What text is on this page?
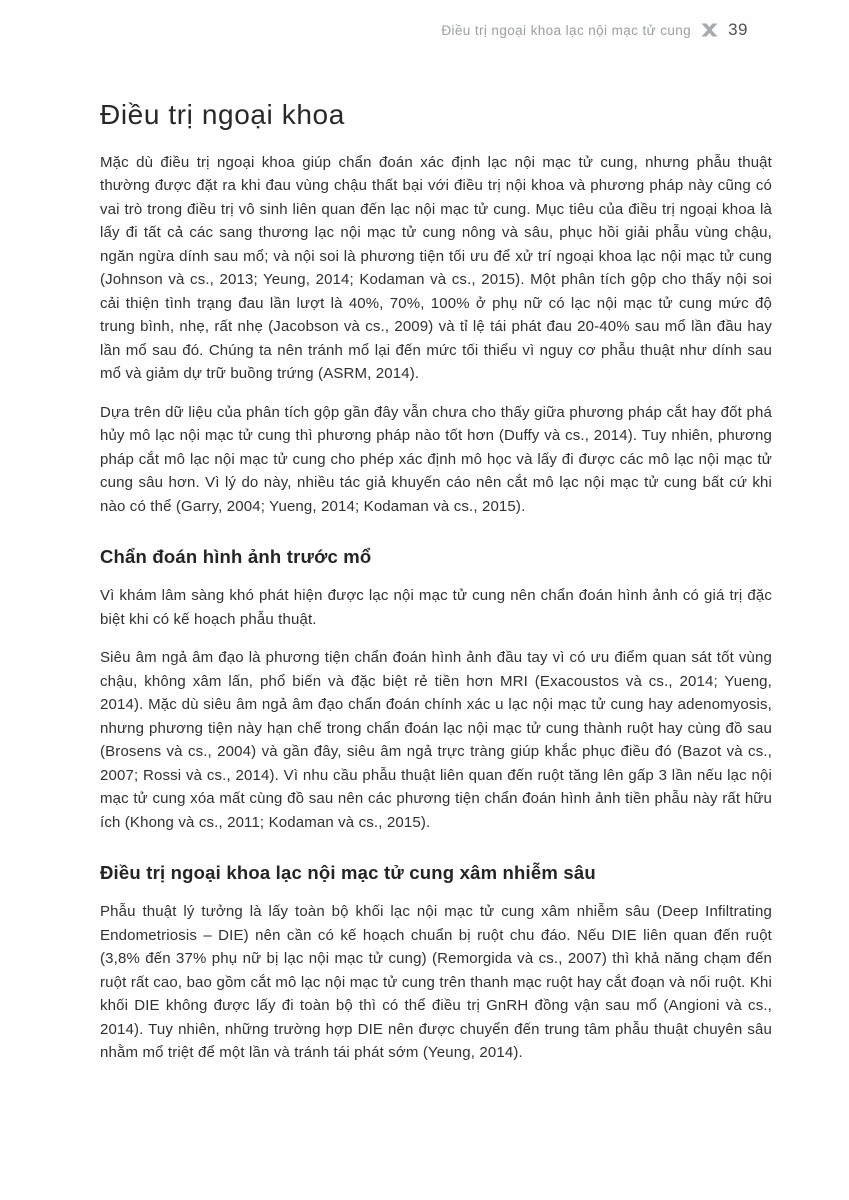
Điều trị ngoại khoa lạc nội mạc tử cung 39
Điều trị ngoại khoa

Mặc dù điều trị ngoại khoa giúp chẩn đoán xác định lạc nội mạc tử cung, nhưng phẫu thuật thường được đặt ra khi đau vùng chậu thất bại với điều trị nội khoa và phương pháp này cũng có vai trò trong điều trị vô sinh liên quan đến lạc nội mạc tử cung. Mục tiêu của điều trị ngoại khoa là lấy đi tất cả các sang thương lạc nội mạc tử cung nông và sâu, phục hồi giải phẫu vùng chậu, ngăn ngừa dính sau mổ; và nội soi là phương tiện tối ưu để xử trí ngoại khoa lạc nội mạc tử cung (Johnson và cs., 2013; Yeung, 2014; Kodaman và cs., 2015). Một phân tích gộp cho thấy nội soi cải thiện tình trạng đau lần lượt là 40%, 70%, 100% ở phụ nữ có lạc nội mạc tử cung mức độ trung bình, nhẹ, rất nhẹ (Jacobson và cs., 2009) và tỉ lệ tái phát đau 20-40% sau mổ lần đầu hay lần mổ sau đó. Chúng ta nên tránh mổ lại đến mức tối thiểu vì nguy cơ phẫu thuật như dính sau mổ và giảm dự trữ buồng trứng (ASRM, 2014).

Dựa trên dữ liệu của phân tích gộp gần đây vẫn chưa cho thấy giữa phương pháp cắt hay đốt phá hủy mô lạc nội mạc tử cung thì phương pháp nào tốt hơn (Duffy và cs., 2014). Tuy nhiên, phương pháp cắt mô lạc nội mạc tử cung cho phép xác định mô học và lấy đi được các mô lạc nội mạc tử cung sâu hơn. Vì lý do này, nhiều tác giả khuyến cáo nên cắt mô lạc nội mạc tử cung bất cứ khi nào có thể (Garry, 2004; Yueng, 2014; Kodaman và cs., 2015).

Chẩn đoán hình ảnh trước mổ

Vì khám lâm sàng khó phát hiện được lạc nội mạc tử cung nên chẩn đoán hình ảnh có giá trị đặc biệt khi có kế hoạch phẫu thuật.

Siêu âm ngả âm đạo là phương tiện chẩn đoán hình ảnh đầu tay vì có ưu điểm quan sát tốt vùng chậu, không xâm lấn, phổ biến và đặc biệt rẻ tiền hơn MRI (Exacoustos và cs., 2014; Yueng, 2014). Mặc dù siêu âm ngả âm đạo chẩn đoán chính xác u lạc nội mạc tử cung hay adenomyosis, nhưng phương tiện này hạn chế trong chẩn đoán lạc nội mạc tử cung thành ruột hay cùng đồ sau (Brosens và cs., 2004) và gần đây, siêu âm ngả trực tràng giúp khắc phục điều đó (Bazot và cs., 2007; Rossi và cs., 2014). Vì nhu cầu phẫu thuật liên quan đến ruột tăng lên gấp 3 lần nếu lạc nội mạc tử cung xóa mất cùng đồ sau nên các phương tiện chẩn đoán hình ảnh tiền phẫu này rất hữu ích (Khong và cs., 2011; Kodaman và cs., 2015).

Điều trị ngoại khoa lạc nội mạc tử cung xâm nhiễm sâu

Phẫu thuật lý tưởng là lấy toàn bộ khối lạc nội mạc tử cung xâm nhiễm sâu (Deep Infiltrating Endometriosis – DIE) nên cần có kế hoạch chuẩn bị ruột chu đáo. Nếu DIE liên quan đến ruột (3,8% đến 37% phụ nữ bị lạc nội mạc tử cung) (Remorgida và cs., 2007) thì khả năng chạm đến ruột rất cao, bao gồm cắt mô lạc nội mạc tử cung trên thanh mạc ruột hay cắt đoạn và nối ruột. Khi khối DIE không được lấy đi toàn bộ thì có thể điều trị GnRH đồng vận sau mổ (Angioni và cs., 2014). Tuy nhiên, những trường hợp DIE nên được chuyển đến trung tâm phẫu thuật chuyên sâu nhằm mổ triệt để một lần và tránh tái phát sớm (Yeung, 2014).
